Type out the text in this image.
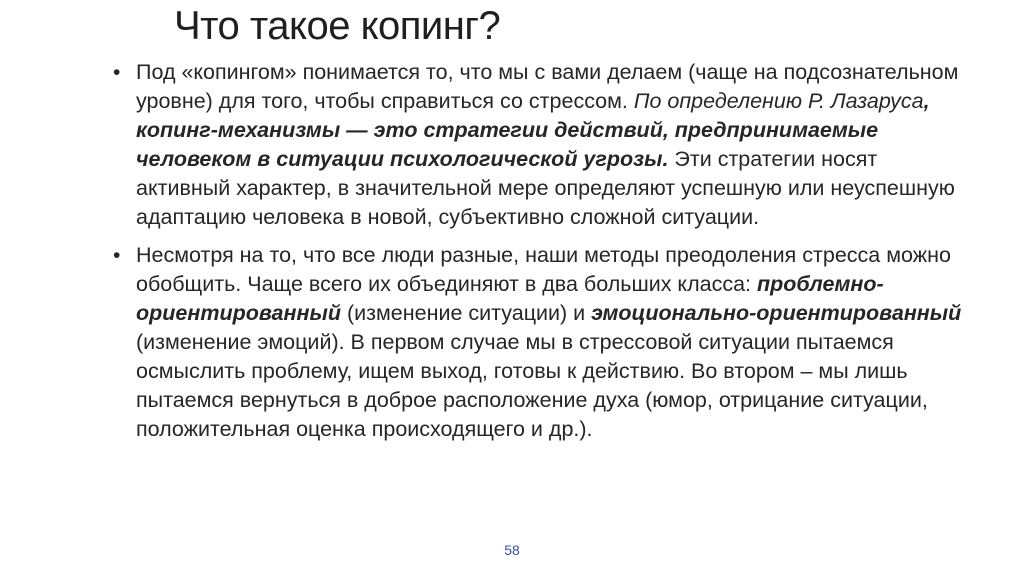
Что такое копинг?
• Под «копингом» понимается то, что мы с вами делаем (чаще на подсознательном уровне) для того, чтобы справиться со стрессом. По определению Р. Лазаруса, копинг-механизмы — это стратегии действий, предпринимаемые человеком в ситуации психологической угрозы. Эти стратегии носят активный характер, в значительной мере определяют успешную или неуспешную адаптацию человека в новой, субъективно сложной ситуации.
• Несмотря на то, что все люди разные, наши методы преодоления стресса можно обобщить. Чаще всего их объединяют в два больших класса: проблемно-ориентированный (изменение ситуации) и эмоционально-ориентированный (изменение эмоций). В первом случае мы в стрессовой ситуации пытаемся осмыслить проблему, ищем выход, готовы к действию. Во втором – мы лишь пытаемся вернуться в доброе расположение духа (юмор, отрицание ситуации, положительная оценка происходящего и др.).
58
